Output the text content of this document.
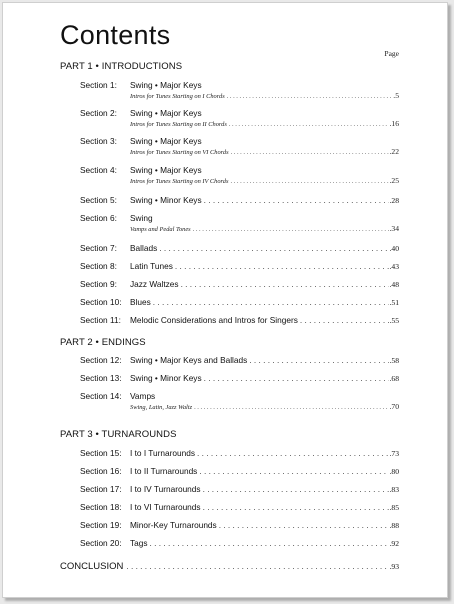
Contents
Page
PART 1 • INTRODUCTIONS
Section 1: Swing • Major Keys
Intros for Tunes Starting on I Chords . . .	.5
Section 2: Swing • Major Keys
Intros for Tunes Starting on II Chords . . .	.16
Section 3: Swing • Major Keys
Intros for Tunes Starting on VI Chords . . .	.22
Section 4: Swing • Major Keys
Intros for Tunes Starting on IV Chords . . .	.25
Section 5: Swing • Minor Keys . . .	.28
Section 6: Swing
Vamps and Pedal Tones . . .	.34
Section 7: Ballads . . .	.40
Section 8: Latin Tunes . . .	.43
Section 9: Jazz Waltzes . . .	.48
Section 10: Blues . . .	.51
Section 11: Melodic Considerations and Intros for Singers . . .	.55
PART 2 • ENDINGS
Section 12: Swing • Major Keys and Ballads . . .	.58
Section 13: Swing • Minor Keys . . .	.68
Section 14: Vamps
Swing, Latin, Jazz Waltz . . .	.70
PART 3 • TURNAROUNDS
Section 15: I to I Turnarounds . . .	.73
Section 16: I to II Turnarounds . . .	.80
Section 17: I to IV Turnarounds . . .	.83
Section 18: I to VI Turnarounds . . .	.85
Section 19: Minor-Key Turnarounds . . .	.88
Section 20: Tags . . .	.92
CONCLUSION . . .	.93
